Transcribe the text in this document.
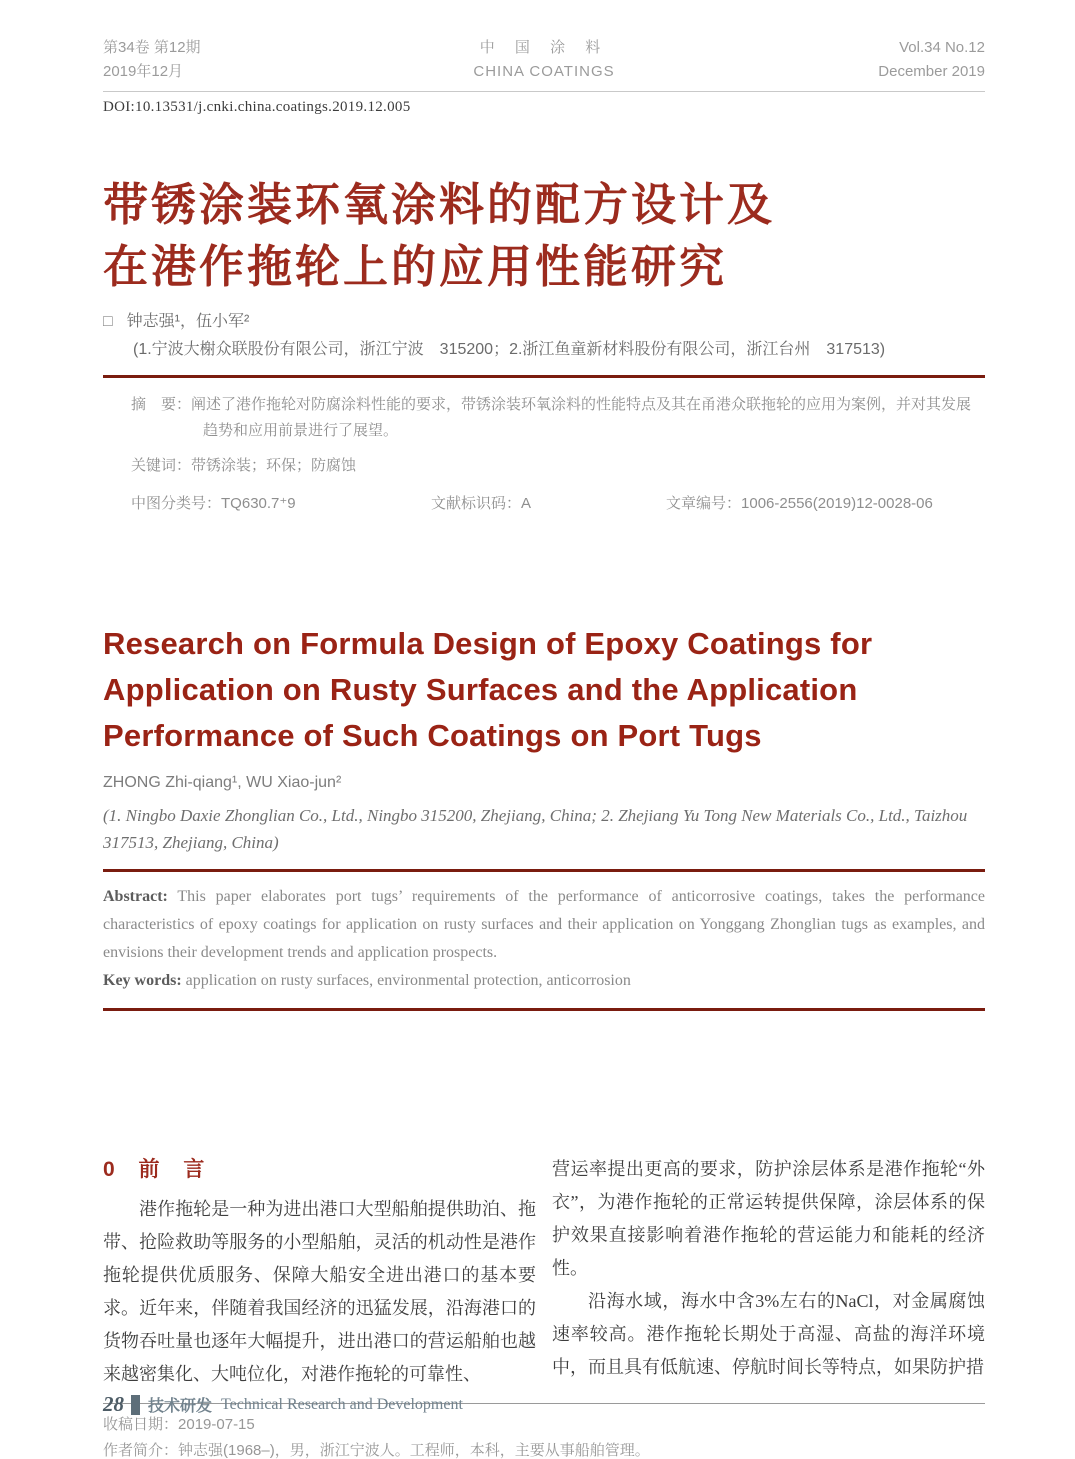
第34卷 第12期
2019年12月
中 国 涂 料
CHINA COATINGS
Vol.34 No.12
December 2019
DOI:10.13531/j.cnki.china.coatings.2019.12.005
带锈涂装环氧涂料的配方设计及
在港作拖轮上的应用性能研究
□ 钟志强¹，伍小军²
(1.宁波大榭众联股份有限公司，浙江宁波　315200；2.浙江鱼童新材料股份有限公司，浙江台州　317513)

摘　要：阐述了港作拖轮对防腐涂料性能的要求，带锈涂装环氧涂料的性能特点及其在甬港众联拖轮的应用为案例，并对其发展趋势和应用前景进行了展望。

关键词：带锈涂装；环保；防腐蚀
中图分类号：TQ630.7⁺9	文献标识码：A	文章编号：1006-2556(2019)12-0028-06
Research on Formula Design of Epoxy Coatings for
Application on Rusty Surfaces and the Application
Performance of Such Coatings on Port Tugs
ZHONG Zhi-qiang¹, WU Xiao-jun²
(1. Ningbo Daxie Zhonglian Co., Ltd., Ningbo 315200, Zhejiang, China; 2. Zhejiang Yu Tong New Materials Co., Ltd., Taizhou 317513, Zhejiang, China)
Abstract: This paper elaborates port tugs’ requirements of the performance of anticorrosive coatings, takes the performance characteristics of epoxy coatings for application on rusty surfaces and their application on Yonggang Zhonglian tugs as examples, and envisions their development trends and application prospects.
Key words: application on rusty surfaces, environmental protection, anticorrosion
0 前 言

港作拖轮是一种为进出港口大型船舶提供助泊、拖带、抢险救助等服务的小型船舶，灵活的机动性是港作拖轮提供优质服务、保障大船安全进出港口的基本要求。近年来，伴随着我国经济的迅猛发展，沿海港口的货物吞吐量也逐年大幅提升，进出港口的营运船舶也越来越密集化、大吨位化，对港作拖轮的可靠性、

营运率提出更高的要求，防护涂层体系是港作拖轮“外衣”，为港作拖轮的正常运转提供保障，涂层体系的保护效果直接影响着港作拖轮的营运能力和能耗的经济性。

沿海水域，海水中含3%左右的NaCl，对金属腐蚀速率较高。港作拖轮长期处于高湿、高盐的海洋环境中，而且具有低航速、停航时间长等特点，如果防护措

收稿日期：2019-07-15
作者简介：钟志强(1968–)，男，浙江宁波人。工程师，本科，主要从事船舶管理。
28 技术研发 Technical Research and Development
